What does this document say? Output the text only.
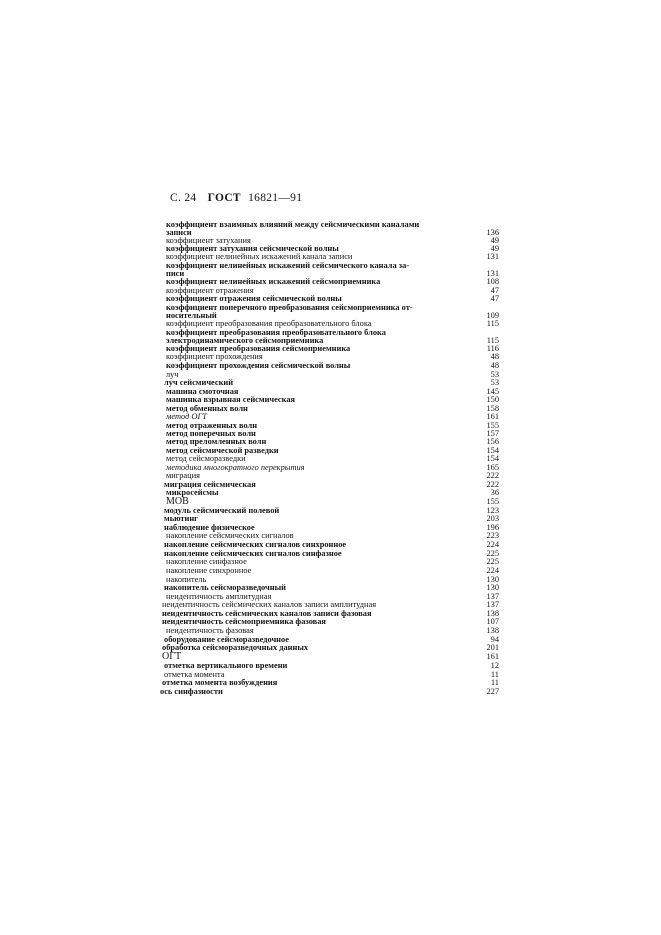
С. 24 ГОСТ 16821—91
коэффициент взаимных влияний между сейсмическими каналами
записи	136
коэффициент затухания	49
коэффициент затухания сейсмической волны	49
коэффициент нелинейных искажений канала записи	131
коэффициент нелинейных искажений сейсмического канала за-
писи	131
коэффициент нелинейных искажений сейсмоприемника	108
коэффициент отражения	47
коэффициент отражения сейсмической волны	47
коэффициент поперечного преобразования сейсмоприемника от-
носительный	109
коэффициент преобразования преобразовательного блока	115
коэффициент преобразования преобразовательного блока
электродинамического сейсмоприемника	115
коэффициент преобразования сейсмоприемника	116
коэффициент прохождения	48
коэффициент прохождения сейсмической волны	48
луч	53
луч сейсмический	53
машина смоточная	145
машинка взрывная сейсмическая	150
метод обменных волн	158
метод ОГТ	161
метод отраженных волн	155
метод поперечных волн	157
метод преломленных волн	156
метод сейсмической разведки	154
метод сейсморазведки	154
методика многократного перекрытия	165
миграция	222
миграция сейсмическая	222
микросейсмы	36
МОВ	155
модуль сейсмический полевой	123
мьютинг	203
наблюдение физическое	196
накопление сейсмических сигналов	223
накопление сейсмических сигналов синхронное	224
накопление сейсмических сигналов синфазное	225
накопление синфазное	225
накопление синхронное	224
накопитель	130
накопитель сейсморазведочный	130
неидентичность амплитудная	137
неидентичность сейсмических каналов записи амплитудная	137
неидентичность сейсмических каналов записи фазовая	138
неидентичность сейсмоприемника фазовая	107
неидентичность фазовая	138
оборудование сейсморазведочное	94
обработка сейсморазведочных данных	201
ОГТ	161
отметка вертикального времени	12
отметка момента	11
отметка момента возбуждения	11
ось синфазности	227
